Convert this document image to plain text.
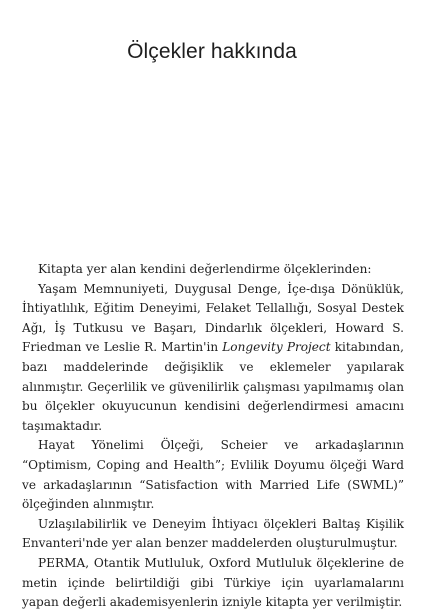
Ölçekler hakkında

Kitapta yer alan kendini değerlendirme ölçeklerinden:

Yaşam Memnuniyeti, Duygusal Denge, İçe-dışa Dönüklük, İhtiyatlılık, Eğitim Deneyimi, Felaket Tellallığı, Sosyal Destek Ağı, İş Tutkusu ve Başarı, Dindarlık ölçekleri, Howard S. Friedman ve Leslie R. Martin'in Longevity Project kitabından, bazı maddelerinde değişiklik ve eklemeler yapılarak alınmıştır. Geçerlilik ve güvenilirlik çalışması yapılmamış olan bu ölçekler okuyucunun kendisini değerlendirmesi amacını taşımaktadır.

Hayat Yönelimi Ölçeği, Scheier ve arkadaşlarının “Optimism, Coping and Health”; Evlilik Doyumu ölçeği Ward ve arkadaşlarının “Satisfaction with Married Life (SWML)” ölçeğinden alınmıştır.

Uzlaşılabilirlik ve Deneyim İhtiyacı ölçekleri Baltaş Kişilik Envanteri'nde yer alan benzer maddelerden oluşturulmuştur.

PERMA, Otantik Mutluluk, Oxford Mutluluk ölçeklerine de metin içinde belirtildiği gibi Türkiye için uyarlamalarını yapan değerli akademisyenlerin izniyle kitapta yer verilmiştir.
